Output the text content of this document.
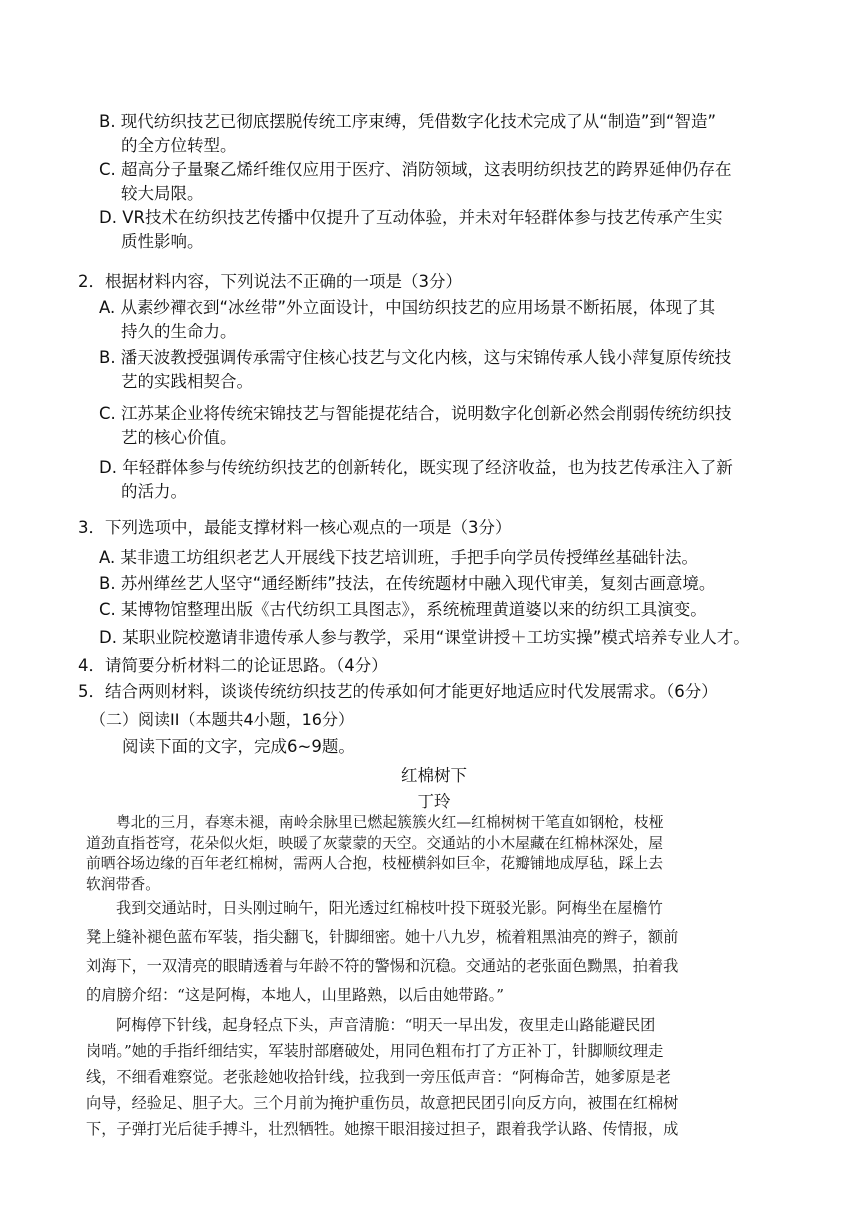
B. 现代纺织技艺已彻底摆脱传统工序束缚，凭借数字化技术完成了从“制造”到“智造”
的全方位转型。
C. 超高分子量聚乙烯纤维仅应用于医疗、消防领域，这表明纺织技艺的跨界延伸仍存在
较大局限。
D. VR技术在纺织技艺传播中仅提升了互动体验，并未对年轻群体参与技艺传承产生实
质性影响。
2．根据材料内容，下列说法不正确的一项是（3分）
A. 从素纱襌衣到“冰丝带”外立面设计，中国纺织技艺的应用场景不断拓展，体现了其
持久的生命力。
B. 潘天波教授强调传承需守住核心技艺与文化内核，这与宋锦传承人钱小萍复原传统技
艺的实践相契合。
C. 江苏某企业将传统宋锦技艺与智能提花结合，说明数字化创新必然会削弱传统纺织技
艺的核心价值。
D. 年轻群体参与传统纺织技艺的创新转化，既实现了经济收益，也为技艺传承注入了新
的活力。
3．下列选项中，最能支撑材料一核心观点的一项是（3分）
A. 某非遗工坊组织老艺人开展线下技艺培训班，手把手向学员传授缂丝基础针法。
B. 苏州缂丝艺人坚守“通经断纬”技法，在传统题材中融入现代审美，复刻古画意境。
C. 某博物馆整理出版《古代纺织工具图志》，系统梳理黄道婆以来的纺织工具演变。
D. 某职业院校邀请非遗传承人参与教学，采用“课堂讲授＋工坊实操”模式培养专业人才。
4．请简要分析材料二的论证思路。（4分）
5．结合两则材料，谈谈传统纺织技艺的传承如何才能更好地适应时代发展需求。（6分）
（二）阅读II（本题共4小题，16分）
阅读下面的文字，完成6~9题。
红棉树下
丁玲
粤北的三月，春寒未褪，南岭余脉里已燃起簇簇火红—红棉树树干笔直如钢枪，枝桠
道劲直指苍穹，花朵似火炬，映暖了灰蒙蒙的天空。交通站的小木屋藏在红棉林深处，屋
前晒谷场边缘的百年老红棉树，需两人合抱，枝桠横斜如巨伞，花瓣铺地成厚毡，踩上去
软润带香。
我到交通站时，日头刚过晌午，阳光透过红棉枝叶投下斑驳光影。阿梅坐在屋檐竹
凳上缝补褪色蓝布军装，指尖翻飞，针脚细密。她十八九岁，梳着粗黑油亮的辫子，额前
刘海下，一双清亮的眼睛透着与年龄不符的警惕和沉稳。交通站的老张面色黝黑，拍着我
的肩膀介绍：“这是阿梅，本地人，山里路熟，以后由她带路。”
阿梅停下针线，起身轻点下头，声音清脆：“明天一早出发，夜里走山路能避民团
岗哨。”她的手指纤细结实，军装肘部磨破处，用同色粗布打了方正补丁，针脚顺纹理走
线，不细看难察觉。老张趁她收拾针线，拉我到一旁压低声音：“阿梅命苦，她爹原是老
向导，经验足、胆子大。三个月前为掩护重伤员，故意把民团引向反方向，被围在红棉树
下，子弹打光后徒手搏斗，壮烈牺牲。她擦干眼泪接过担子，跟着我学认路、传情报，成
